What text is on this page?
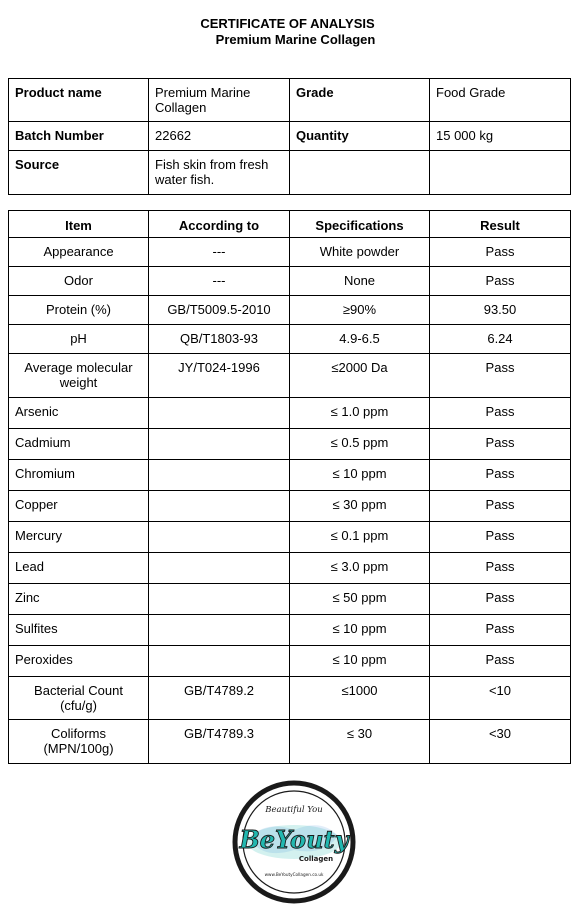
CERTIFICATE OF ANALYSIS
Premium Marine Collagen
Product name	Premium Marine Collagen	Grade	Food Grade
Batch Number	22662	Quantity	15 000 kg
Source	Fish skin from fresh water fish.		
Item	According to	Specifications	Result
Appearance	---	White powder	Pass
Odor	---	None	Pass
Protein (%)	GB/T5009.5-2010	≥90%	93.50
pH	QB/T1803-93	4.9-6.5	6.24
Average molecular weight	JY/T024-1996	≤2000 Da	Pass
Arsenic		≤ 1.0 ppm	Pass
Cadmium		≤ 0.5 ppm	Pass
Chromium		≤ 10 ppm	Pass
Copper		≤ 30 ppm	Pass
Mercury		≤ 0.1 ppm	Pass
Lead		≤ 3.0 ppm	Pass
Zinc		≤ 50 ppm	Pass
Sulfites		≤ 10 ppm	Pass
Peroxides		≤ 10 ppm	Pass
Bacterial Count (cfu/g)	GB/T4789.2	≤1000	<10
Coliforms (MPN/100g)	GB/T4789.3	≤ 30	<30
Beautiful You
BeYouty
Collagen
www.BeYoutyCollagen.co.uk
